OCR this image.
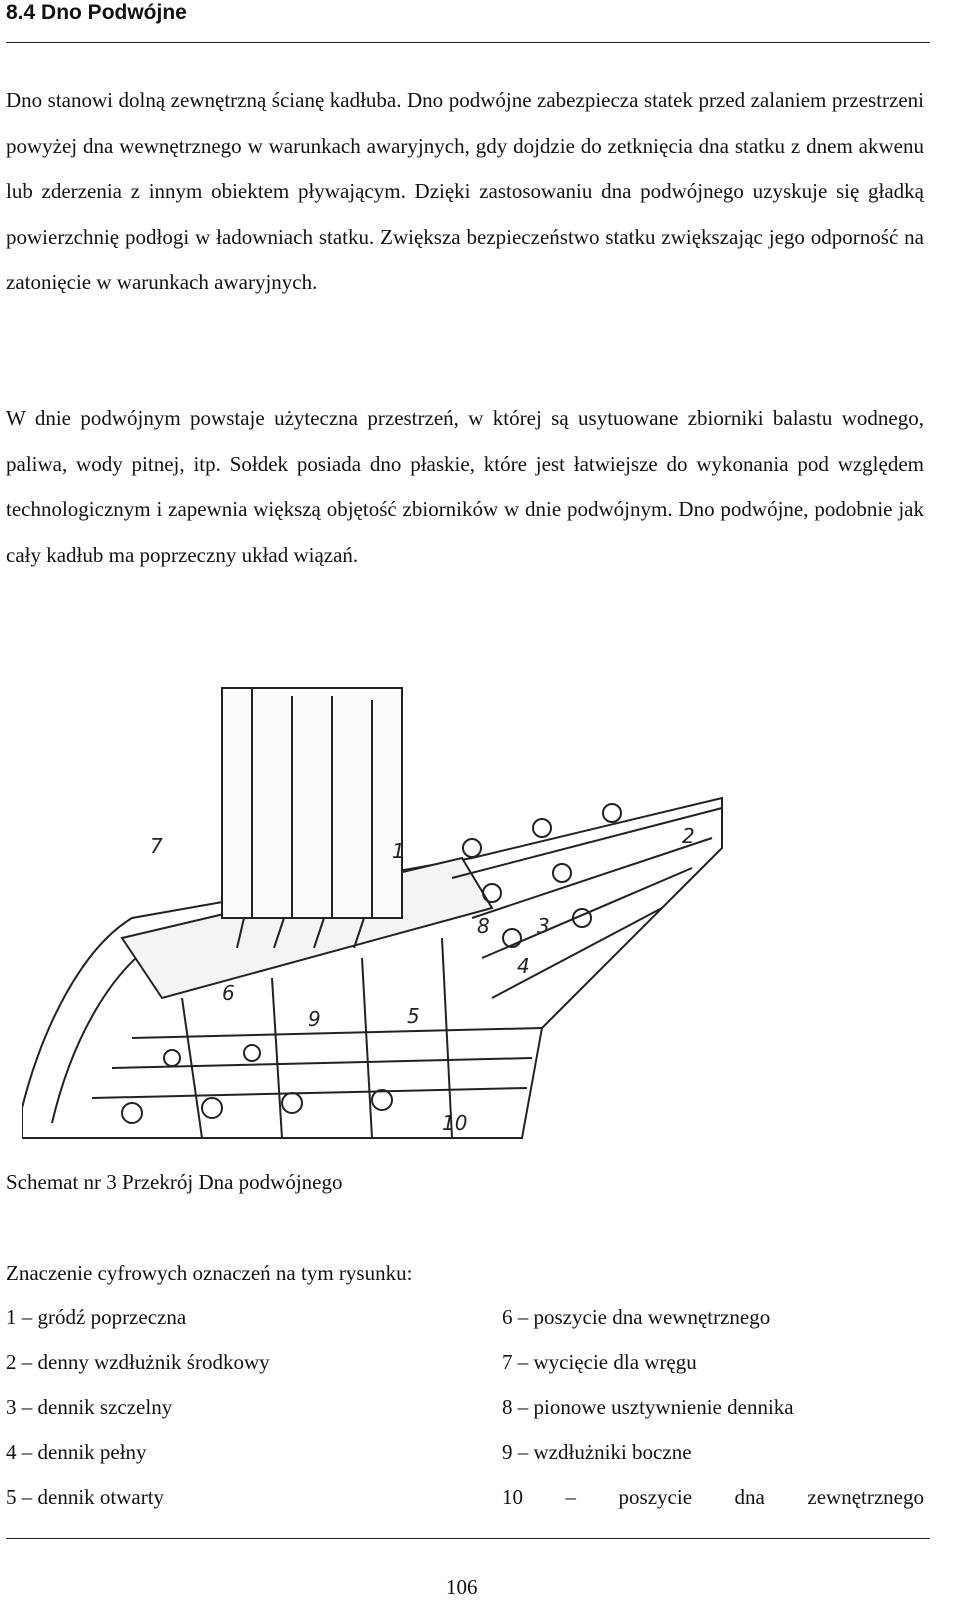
8.4 Dno Podwójne

Dno stanowi dolną zewnętrzną ścianę kadłuba. Dno podwójne zabezpiecza statek przed zalaniem przestrzeni powyżej dna wewnętrznego w warunkach awaryjnych, gdy dojdzie do zetknięcia dna statku z dnem akwenu lub zderzenia z innym obiektem pływającym. Dzięki zastosowaniu dna podwójnego uzyskuje się gładką powierzchnię podłogi w ładowniach statku. Zwiększa bezpieczeństwo statku zwiększając jego odporność na zatonięcie w warunkach awaryjnych.

W dnie podwójnym powstaje użyteczna przestrzeń, w której są usytuowane zbiorniki balastu wodnego, paliwa, wody pitnej, itp. Sołdek posiada dno płaskie, które jest łatwiejsze do wykonania pod względem technologicznym i zapewnia większą objętość zbiorników w dnie podwójnym. Dno podwójne, podobnie jak cały kadłub ma poprzeczny układ wiązań.

1
2
3
4
5
6
7
8
9
10
Schemat nr 3 Przekrój Dna podwójnego
Znaczenie cyfrowych oznaczeń na tym rysunku:
1 – gródź poprzeczna
2 – denny wzdłużnik środkowy
3 – dennik szczelny
4 – dennik pełny
5 – dennik otwarty
6 – poszycie dna wewnętrznego
7 – wycięcie dla wręgu
8 – pionowe usztywnienie dennika
9 – wzdłużniki boczne
10 – poszycie dna zewnętrznego
106
